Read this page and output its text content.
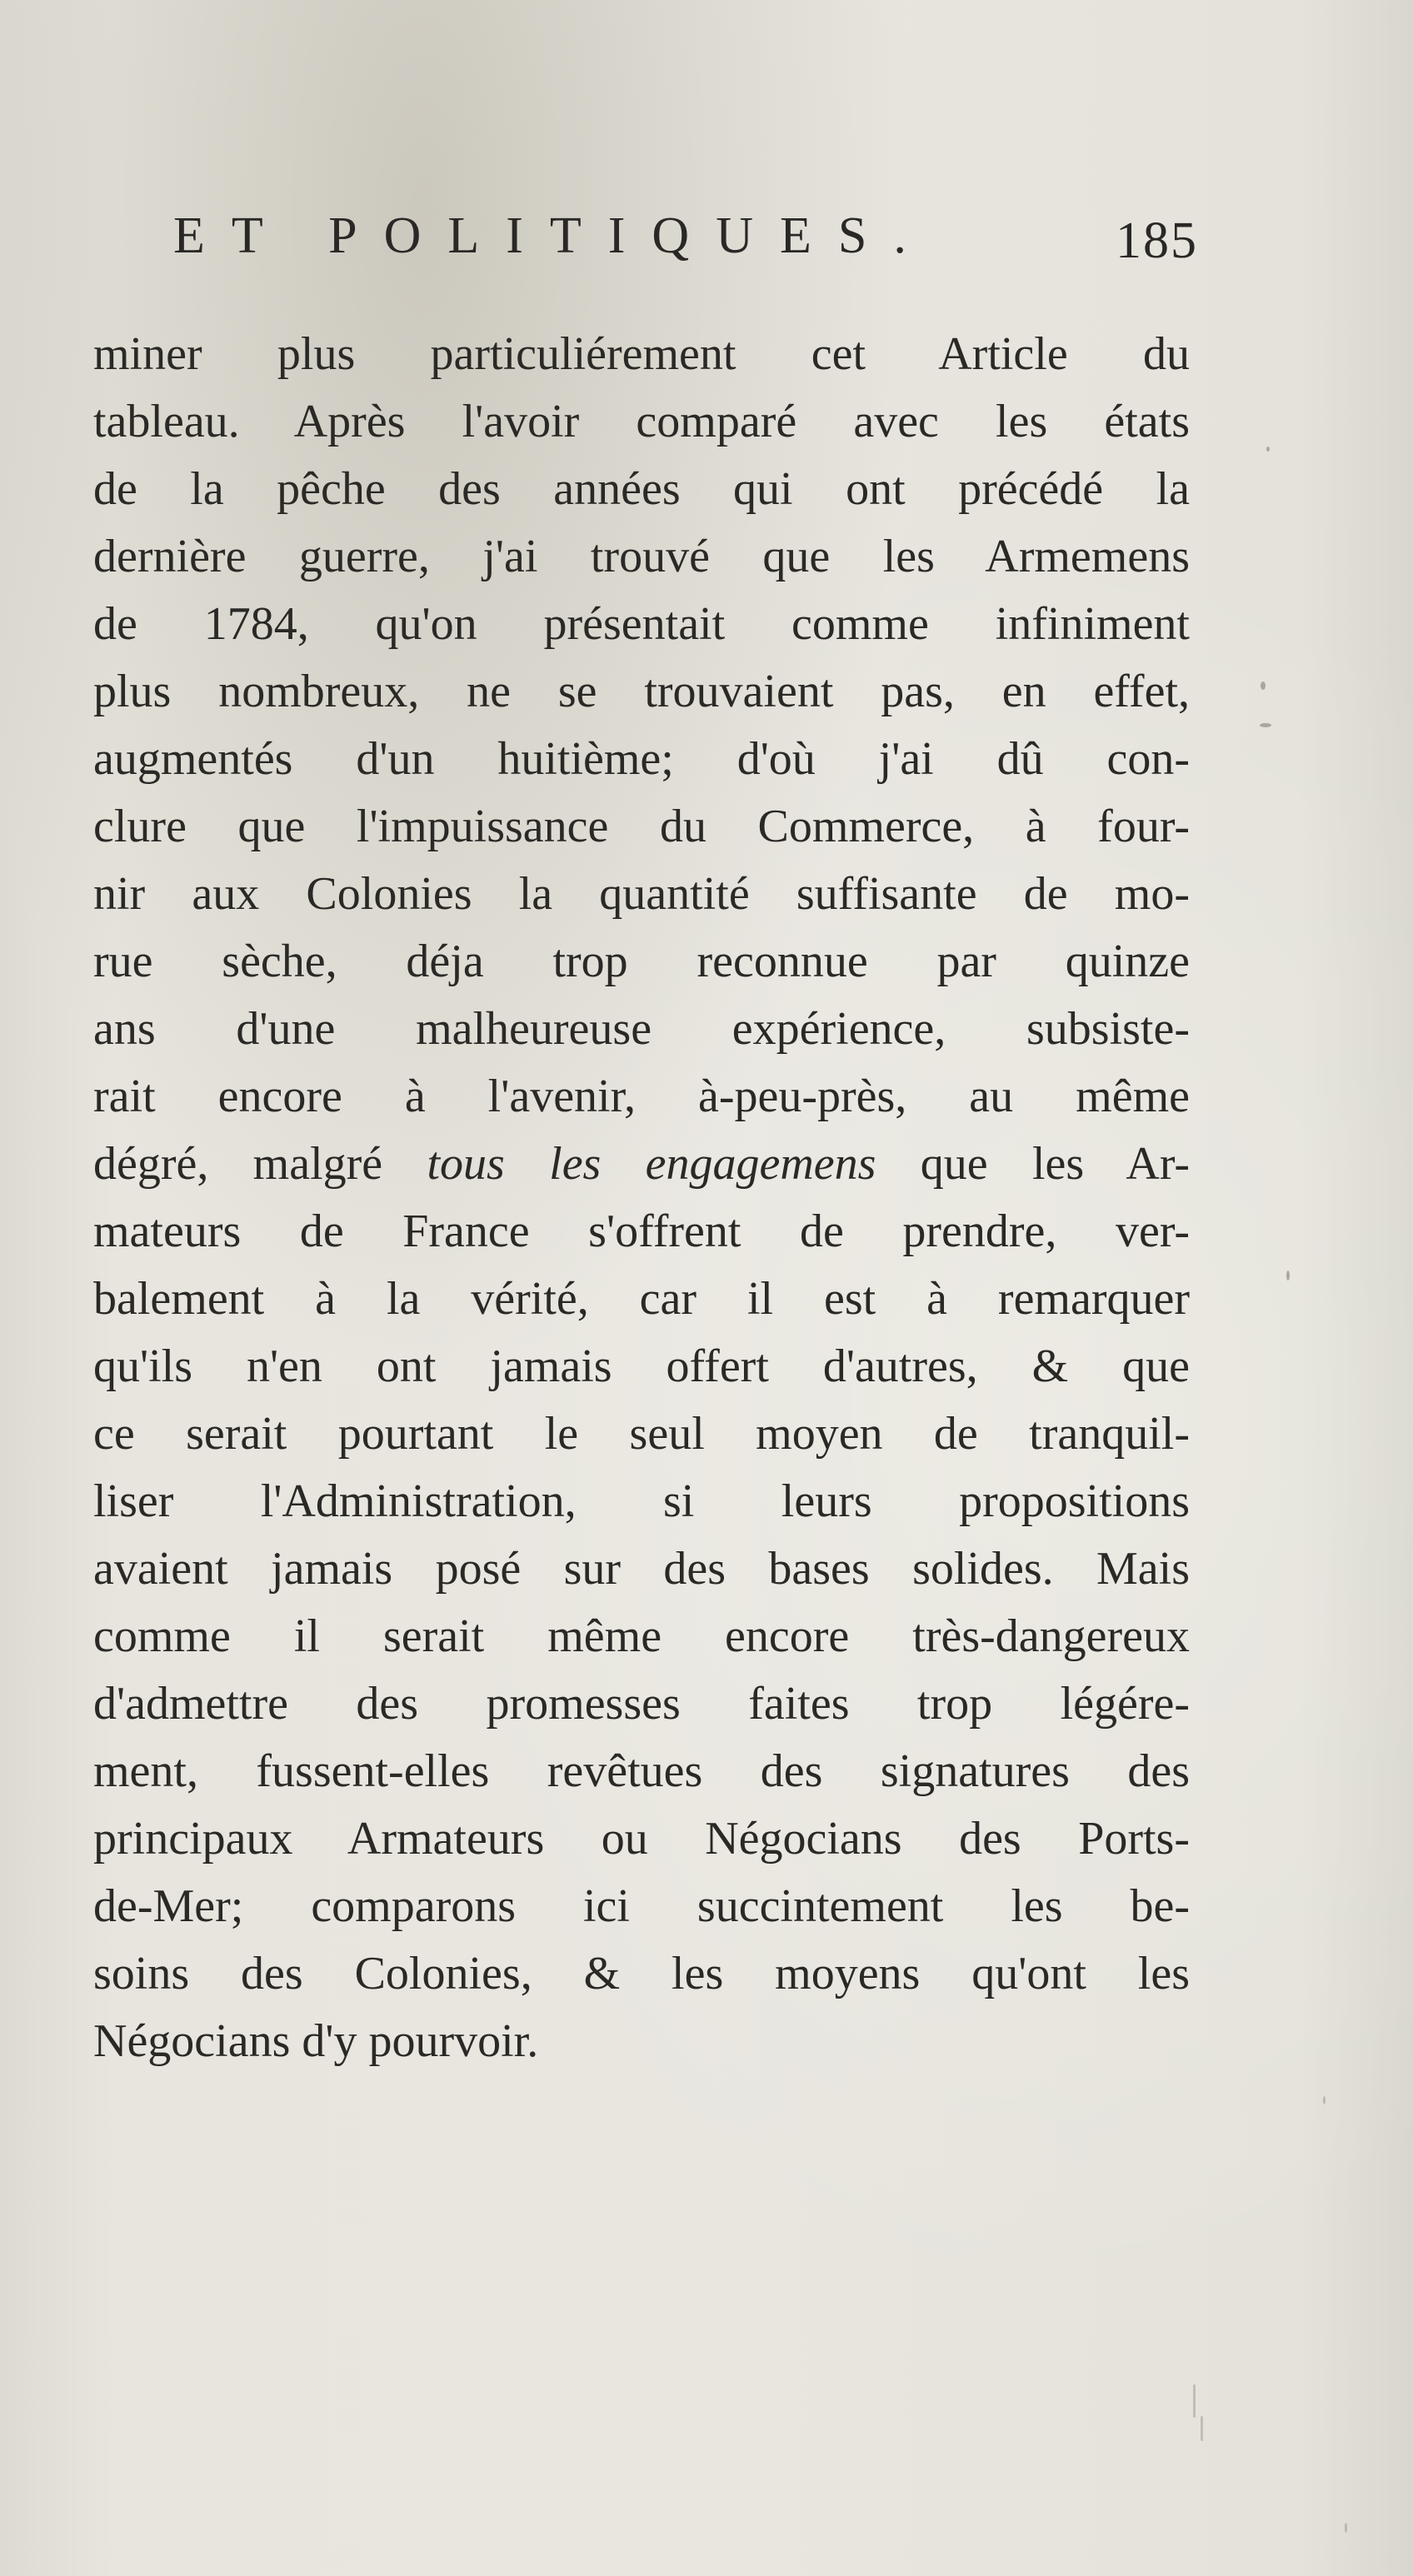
ET POLITIQUES.	185
miner plus particuliérement cet Article du
tableau. Après l'avoir comparé avec les états
de la pêche des années qui ont précédé la
dernière guerre, j'ai trouvé que les Armemens
de 1784, qu'on présentait comme infiniment
plus nombreux, ne se trouvaient pas, en effet,
augmentés d'un huitième; d'où j'ai dû con-
clure que l'impuissance du Commerce, à four-
nir aux Colonies la quantité suffisante de mo-
rue sèche, déja trop reconnue par quinze
ans d'une malheureuse expérience, subsiste-
rait encore à l'avenir, à-peu-près, au même
dégré, malgré tous les engagemens que les Ar-
mateurs de France s'offrent de prendre, ver-
balement à la vérité, car il est à remarquer
qu'ils n'en ont jamais offert d'autres, & que
ce serait pourtant le seul moyen de tranquil-
liser l'Administration, si leurs propositions
avaient jamais posé sur des bases solides. Mais
comme il serait même encore très-dangereux
d'admettre des promesses faites trop légére-
ment, fussent-elles revêtues des signatures des
principaux Armateurs ou Négocians des Ports-
de-Mer; comparons ici succintement les be-
soins des Colonies, & les moyens qu'ont les
Négocians d'y pourvoir.
